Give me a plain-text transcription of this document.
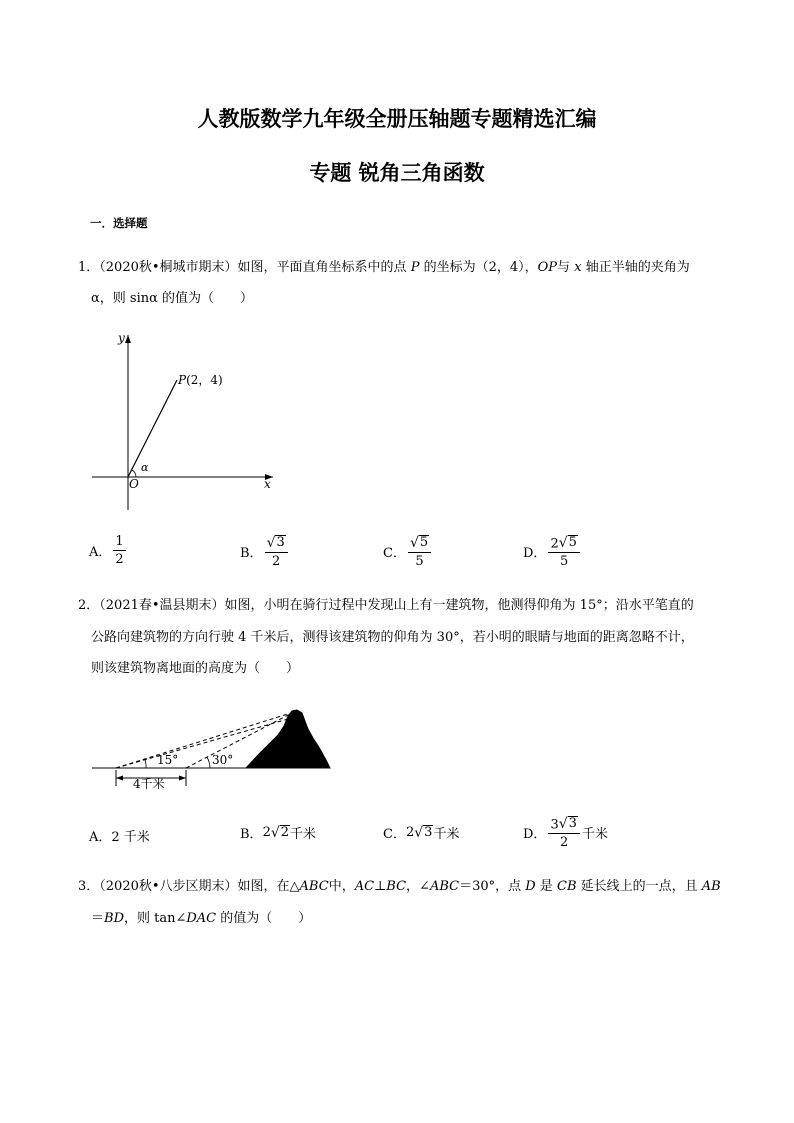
人教版数学九年级全册压轴题专题精选汇编
专题 锐角三角函数
一．选择题
1．（2020秋•桐城市期末）如图，平面直角坐标系中的点 P 的坐标为（2，4），OP与 x 轴正半轴的夹角为
α，则 sinα 的值为（　　）
y
x
O
α
P(2，4)
A． $\frac{1}{2}$	B． $\frac{√ 3}{2}$	C． $\frac{√ 5}{5}$	D． $\frac{2 √ 5}{5}$
2．（2021春•温县期末）如图，小明在骑行过程中发现山上有一建筑物，他测得仰角为 15°；沿水平笔直的
公路向建筑物的方向行驶 4 千米后，测得该建筑物的仰角为 30°，若小明的眼睛与地面的距离忽略不计，
则该建筑物离地面的高度为（　　）
15°	30°
4千米
A． 2 千米	B． 2 √ 2 千米	C． 2 √ 3 千米	D． $\frac{3 √ 3}{2}$ 千米
3．（2020秋•八步区期末）如图，在△ABC中，AC⊥BC，∠ABC＝30°，点 D 是 CB 延长线上的一点，且 AB
＝BD，则 tan∠DAC 的值为（　　）
